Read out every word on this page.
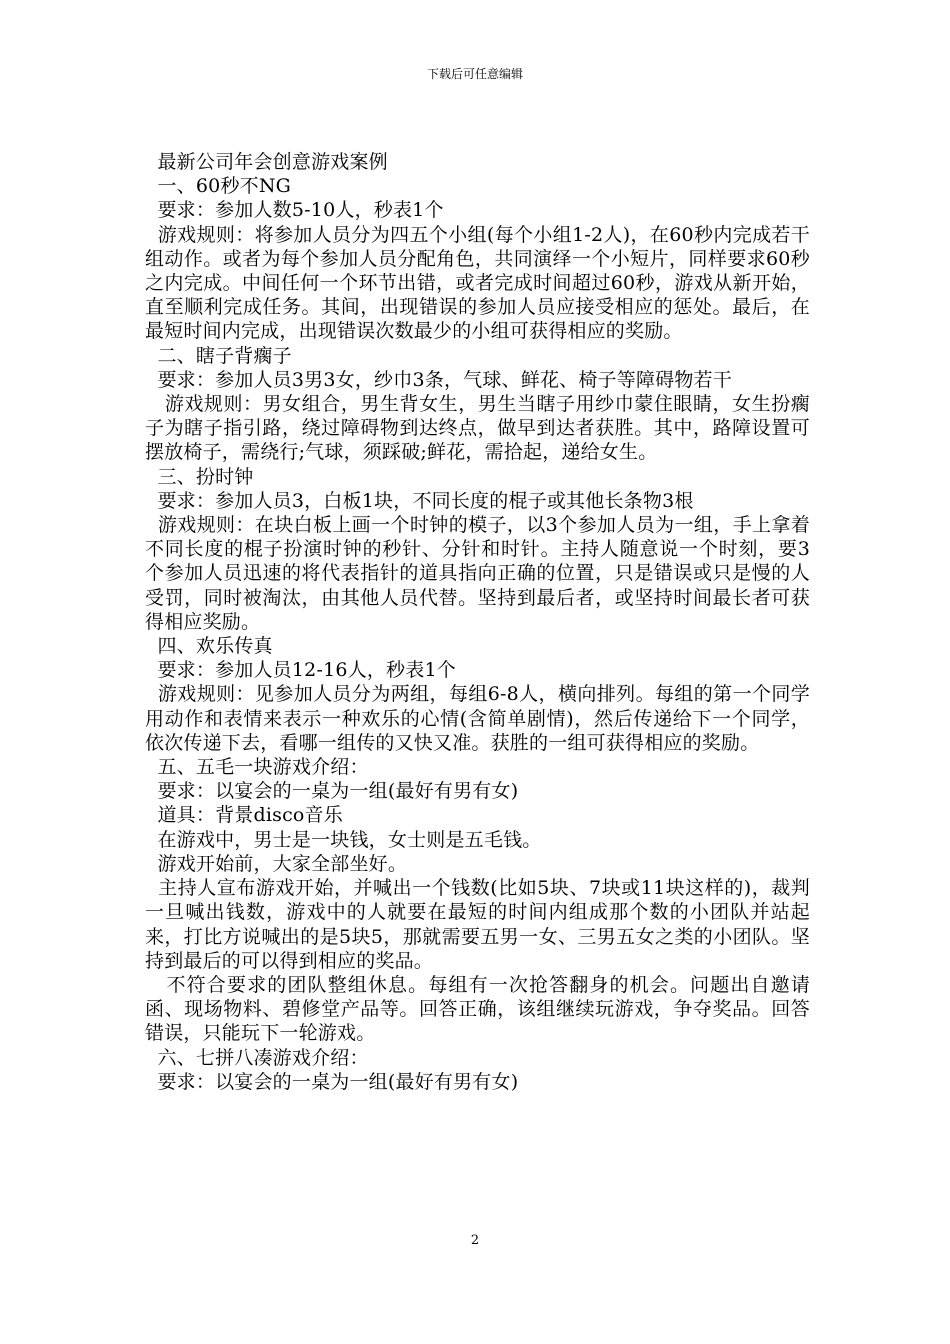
下载后可任意编辑

最新公司年会创意游戏案例

一、60秒不NG

要求：参加人数5-10人，秒表1个

游戏规则：将参加人员分为四五个小组(每个小组1-2人)，在60秒内完成若干组动作。或者为每个参加人员分配角色，共同演绎一个小短片，同样要求60秒之内完成。中间任何一个环节出错，或者完成时间超过60秒，游戏从新开始，直至顺利完成任务。其间，出现错误的参加人员应接受相应的惩处。最后，在最短时间内完成，出现错误次数最少的小组可获得相应的奖励。

二、瞎子背瘸子

要求：参加人员3男3女，纱巾3条，气球、鲜花、椅子等障碍物若干

游戏规则：男女组合，男生背女生，男生当瞎子用纱巾蒙住眼睛，女生扮瘸子为瞎子指引路，绕过障碍物到达终点，做早到达者获胜。其中，路障设置可摆放椅子，需绕行;气球，须踩破;鲜花，需拾起，递给女生。

三、扮时钟

要求：参加人员3，白板1块，不同长度的棍子或其他长条物3根

游戏规则：在块白板上画一个时钟的模子，以3个参加人员为一组，手上拿着不同长度的棍子扮演时钟的秒针、分针和时针。主持人随意说一个时刻，要3个参加人员迅速的将代表指针的道具指向正确的位置，只是错误或只是慢的人受罚，同时被淘汰，由其他人员代替。坚持到最后者，或坚持时间最长者可获得相应奖励。

四、欢乐传真

要求：参加人员12-16人，秒表1个

游戏规则：见参加人员分为两组，每组6-8人，横向排列。每组的第一个同学用动作和表情来表示一种欢乐的心情(含简单剧情)，然后传递给下一个同学，依次传递下去，看哪一组传的又快又准。获胜的一组可获得相应的奖励。

五、五毛一块游戏介绍：

要求：以宴会的一桌为一组(最好有男有女)

道具：背景disco音乐

在游戏中，男士是一块钱，女士则是五毛钱。

游戏开始前，大家全部坐好。

主持人宣布游戏开始，并喊出一个钱数(比如5块、7块或11块这样的)，裁判一旦喊出钱数，游戏中的人就要在最短的时间内组成那个数的小团队并站起来，打比方说喊出的是5块5，那就需要五男一女、三男五女之类的小团队。坚持到最后的可以得到相应的奖品。

不符合要求的团队整组休息。每组有一次抢答翻身的机会。问题出自邀请函、现场物料、碧修堂产品等。回答正确，该组继续玩游戏，争夺奖品。回答错误，只能玩下一轮游戏。

六、七拼八凑游戏介绍：

要求：以宴会的一桌为一组(最好有男有女)

2
